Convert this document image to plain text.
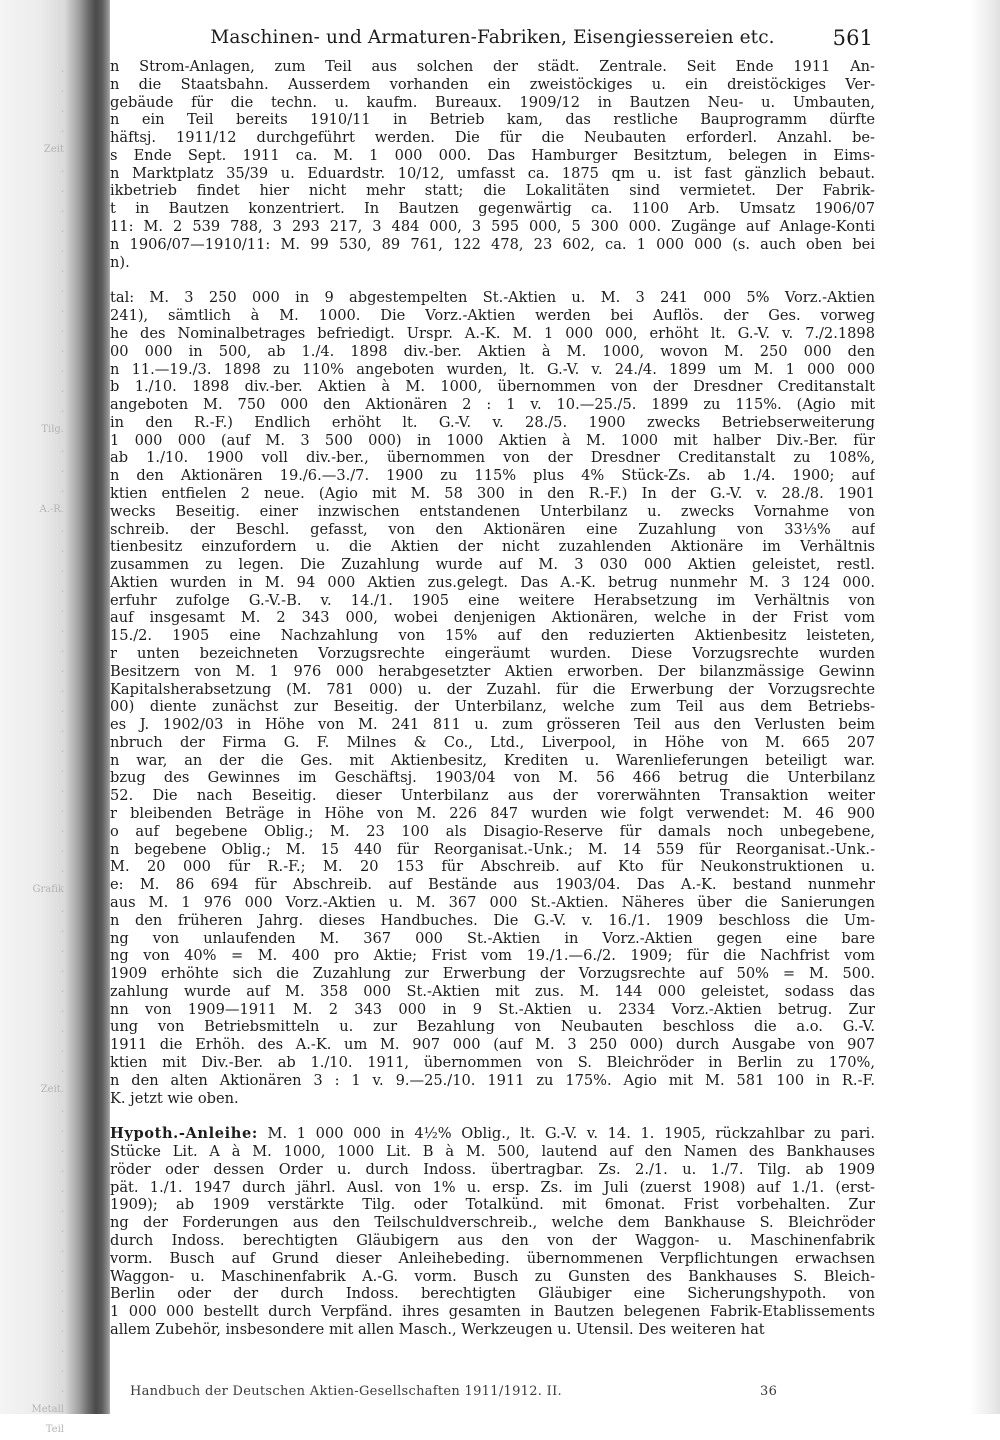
.
.
.
.
Zeit
.
.
.
.
.
.
.
.
.
.
.
.
.
Tilg.
.
.
.
A.-R.
.
.
.
.
.
.
.
.
.
.
.
.
.
.
.
.
.
.
Grafik
.
.
.
.
.
.
.
.
.
Zeit.
.
.
.
.
.
.
.
.
.
.
.
.
.
.
.
Metall
Teil
Maschinen- und Armaturen-Fabriken, Eisengiessereien etc.	561
n Strom-Anlagen, zum Teil aus solchen der städt. Zentrale. Seit Ende 1911 An-
n die Staatsbahn. Ausserdem vorhanden ein zweistöckiges u. ein dreistöckiges Ver-
gebäude für die techn. u. kaufm. Bureaux. 1909/12 in Bautzen Neu- u. Umbauten,
n ein Teil bereits 1910/11 in Betrieb kam, das restliche Bauprogramm dürfte
häftsj. 1911/12 durchgeführt werden. Die für die Neubauten erforderl. Anzahl. be-
s Ende Sept. 1911 ca. M. 1 000 000. Das Hamburger Besitztum, belegen in Eims-
n Marktplatz 35/39 u. Eduardstr. 10/12, umfasst ca. 1875 qm u. ist fast gänzlich bebaut.
ikbetrieb findet hier nicht mehr statt; die Lokalitäten sind vermietet. Der Fabrik-
t in Bautzen konzentriert. In Bautzen gegenwärtig ca. 1100 Arb. Umsatz 1906/07
11: M. 2 539 788, 3 293 217, 3 484 000, 3 595 000, 5 300 000. Zugänge auf Anlage-Konti
n 1906/07—1910/11: M. 99 530, 89 761, 122 478, 23 602, ca. 1 000 000 (s. auch oben bei
n).
tal: M. 3 250 000 in 9 abgestempelten St.-Aktien u. M. 3 241 000 5% Vorz.-Aktien
241), sämtlich à M. 1000. Die Vorz.-Aktien werden bei Auflös. der Ges. vorweg
he des Nominalbetrages befriedigt. Urspr. A.-K. M. 1 000 000, erhöht lt. G.-V. v. 7./2.1898
00 000 in 500, ab 1./4. 1898 div.-ber. Aktien à M. 1000, wovon M. 250 000 den
n 11.—19./3. 1898 zu 110% angeboten wurden, lt. G.-V. v. 24./4. 1899 um M. 1 000 000
b 1./10. 1898 div.-ber. Aktien à M. 1000, übernommen von der Dresdner Creditanstalt
angeboten M. 750 000 den Aktionären 2 : 1 v. 10.—25./5. 1899 zu 115%. (Agio mit
in den R.-F.) Endlich erhöht lt. G.-V. v. 28./5. 1900 zwecks Betriebserweiterung
1 000 000 (auf M. 3 500 000) in 1000 Aktien à M. 1000 mit halber Div.-Ber. für
ab 1./10. 1900 voll div.-ber., übernommen von der Dresdner Creditanstalt zu 108%,
n den Aktionären 19./6.—3./7. 1900 zu 115% plus 4% Stück-Zs. ab 1./4. 1900; auf
ktien entfielen 2 neue. (Agio mit M. 58 300 in den R.-F.) In der G.-V. v. 28./8. 1901
wecks Beseitig. einer inzwischen entstandenen Unterbilanz u. zwecks Vornahme von
schreib. der Beschl. gefasst, von den Aktionären eine Zuzahlung von 33⅓% auf
tienbesitz einzufordern u. die Aktien der nicht zuzahlenden Aktionäre im Verhältnis
zusammen zu legen. Die Zuzahlung wurde auf M. 3 030 000 Aktien geleistet, restl.
Aktien wurden in M. 94 000 Aktien zus.gelegt. Das A.-K. betrug nunmehr M. 3 124 000.
erfuhr zufolge G.-V.-B. v. 14./1. 1905 eine weitere Herabsetzung im Verhältnis von
auf insgesamt M. 2 343 000, wobei denjenigen Aktionären, welche in der Frist vom
15./2. 1905 eine Nachzahlung von 15% auf den reduzierten Aktienbesitz leisteten,
r unten bezeichneten Vorzugsrechte eingeräumt wurden. Diese Vorzugsrechte wurden
Besitzern von M. 1 976 000 herabgesetzter Aktien erworben. Der bilanzmässige Gewinn
Kapitalsherabsetzung (M. 781 000) u. der Zuzahl. für die Erwerbung der Vorzugsrechte
00) diente zunächst zur Beseitig. der Unterbilanz, welche zum Teil aus dem Betriebs-
es J. 1902/03 in Höhe von M. 241 811 u. zum grösseren Teil aus den Verlusten beim
nbruch der Firma G. F. Milnes & Co., Ltd., Liverpool, in Höhe von M. 665 207
n war, an der die Ges. mit Aktienbesitz, Krediten u. Warenlieferungen beteiligt war.
bzug des Gewinnes im Geschäftsj. 1903/04 von M. 56 466 betrug die Unterbilanz
52. Die nach Beseitig. dieser Unterbilanz aus der vorerwähnten Transaktion weiter
r bleibenden Beträge in Höhe von M. 226 847 wurden wie folgt verwendet: M. 46 900
o auf begebene Oblig.; M. 23 100 als Disagio-Reserve für damals noch unbegebene,
n begebene Oblig.; M. 15 440 für Reorganisat.-Unk.; M. 14 559 für Reorganisat.-Unk.-
M. 20 000 für R.-F.; M. 20 153 für Abschreib. auf Kto für Neukonstruktionen u.
e: M. 86 694 für Abschreib. auf Bestände aus 1903/04. Das A.-K. bestand nunmehr
aus M. 1 976 000 Vorz.-Aktien u. M. 367 000 St.-Aktien. Näheres über die Sanierungen
n den früheren Jahrg. dieses Handbuches. Die G.-V. v. 16./1. 1909 beschloss die Um-
ng von unlaufenden M. 367 000 St.-Aktien in Vorz.-Aktien gegen eine bare
ng von 40% = M. 400 pro Aktie; Frist vom 19./1.—6./2. 1909; für die Nachfrist vom
1909 erhöhte sich die Zuzahlung zur Erwerbung der Vorzugsrechte auf 50% = M. 500.
zahlung wurde auf M. 358 000 St.-Aktien mit zus. M. 144 000 geleistet, sodass das
nn von 1909—1911 M. 2 343 000 in 9 St.-Aktien u. 2334 Vorz.-Aktien betrug. Zur
ung von Betriebsmitteln u. zur Bezahlung von Neubauten beschloss die a.o. G.-V.
1911 die Erhöh. des A.-K. um M. 907 000 (auf M. 3 250 000) durch Ausgabe von 907
ktien mit Div.-Ber. ab 1./10. 1911, übernommen von S. Bleichröder in Berlin zu 170%,
n den alten Aktionären 3 : 1 v. 9.—25./10. 1911 zu 175%. Agio mit M. 581 100 in R.-F.
K. jetzt wie oben.
Hypoth.-Anleihe: M. 1 000 000 in 4½% Oblig., lt. G.-V. v. 14. 1. 1905, rückzahlbar zu pari.
Stücke Lit. A à M. 1000, 1000 Lit. B à M. 500, lautend auf den Namen des Bankhauses
röder oder dessen Order u. durch Indoss. übertragbar. Zs. 2./1. u. 1./7. Tilg. ab 1909
pät. 1./1. 1947 durch jährl. Ausl. von 1% u. ersp. Zs. im Juli (zuerst 1908) auf 1./1. (erst-
1909); ab 1909 verstärkte Tilg. oder Totalkünd. mit 6monat. Frist vorbehalten. Zur
ng der Forderungen aus den Teilschuldverschreib., welche dem Bankhause S. Bleichröder
durch Indoss. berechtigten Gläubigern aus den von der Waggon- u. Maschinenfabrik
vorm. Busch auf Grund dieser Anleihebeding. übernommenen Verpflichtungen erwachsen
Waggon- u. Maschinenfabrik A.-G. vorm. Busch zu Gunsten des Bankhauses S. Bleich-
Berlin oder der durch Indoss. berechtigten Gläubiger eine Sicherungshypoth. von
1 000 000 bestellt durch Verpfänd. ihres gesamten in Bautzen belegenen Fabrik-Etablissements
allem Zubehör, insbesondere mit allen Masch., Werkzeugen u. Utensil. Des weiteren hat
Handbuch der Deutschen Aktien-Gesellschaften 1911/1912. II.	36
